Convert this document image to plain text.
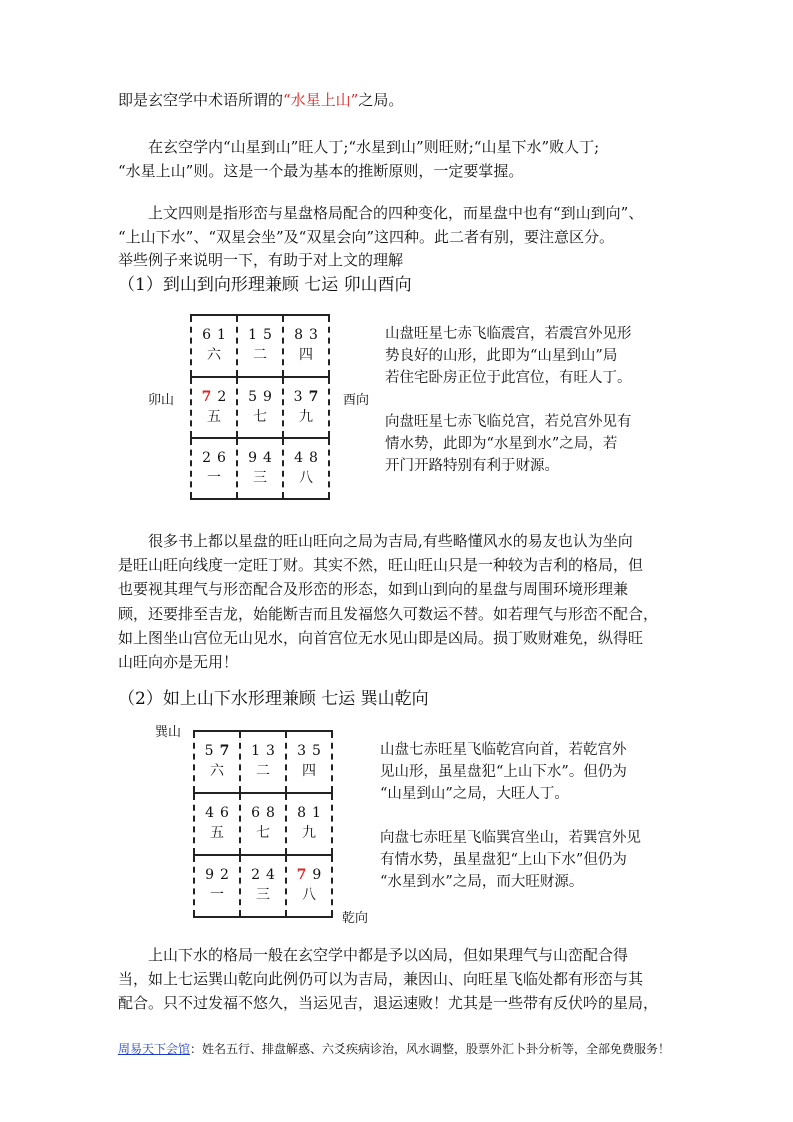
即是玄空学中术语所谓的“水星上山”之局。
　　在玄空学内“山星到山”旺人丁;“水星到山”则旺财;“山星下水”败人丁;
“水星上山”则。这是一个最为基本的推断原则，一定要掌握。
　　上文四则是指形峦与星盘格局配合的四种变化，而星盘中也有“到山到向”、
“上山下水”、“双星会坐”及“双星会向”这四种。此二者有别，要注意区分。
举些例子来说明一下，有助于对上文的理解
（1）到山到向形理兼顾 七运 卯山酉向
卯山	酉向
6 1
六
1 5
二
8 3
四
7 2
五
5 9
七
3 7
九
2 6
一
9 4
三
4 8
八
山盘旺星七赤飞临震宫，若震宫外见形
势良好的山形，此即为“山星到山”局
若住宅卧房正位于此宫位，有旺人丁。
向盘旺星七赤飞临兑宫，若兑宫外见有
情水势，此即为“水星到水”之局，若
开门开路特别有利于财源。
　　很多书上都以星盘的旺山旺向之局为吉局,有些略懂风水的易友也认为坐向
是旺山旺向线度一定旺丁财。其实不然，旺山旺山只是一种较为吉利的格局，但
也要视其理气与形峦配合及形峦的形态，如到山到向的星盘与周围环境形理兼
顾，还要排至吉龙，始能断吉而且发福悠久可数运不替。如若理气与形峦不配合，
如上图坐山宫位无山见水，向首宫位无水见山即是凶局。损丁败财难免，纵得旺
山旺向亦是无用！
（2）如上山下水形理兼顾 七运 巽山乾向
巽山
乾向
5 7
六
1 3
二
3 5
四
4 6
五
6 8
七
8 1
九
9 2
一
2 4
三
7 9
八
山盘七赤旺星飞临乾宫向首，若乾宫外
见山形，虽星盘犯“上山下水”。但仍为
“山星到山”之局，大旺人丁。
向盘七赤旺星飞临巽宫坐山，若巽宫外见
有情水势，虽星盘犯“上山下水”但仍为
“水星到水”之局，而大旺财源。
　　上山下水的格局一般在玄空学中都是予以凶局，但如果理气与山峦配合得
当，如上七运巽山乾向此例仍可以为吉局，兼因山、向旺星飞临处都有形峦与其
配合。只不过发福不悠久，当运见吉，退运速败！尤其是一些带有反伏吟的星局，
周易天下会馆：姓名五行、排盘解惑、六爻疾病诊治，风水调整，股票外汇卜卦分析等，全部免费服务！
